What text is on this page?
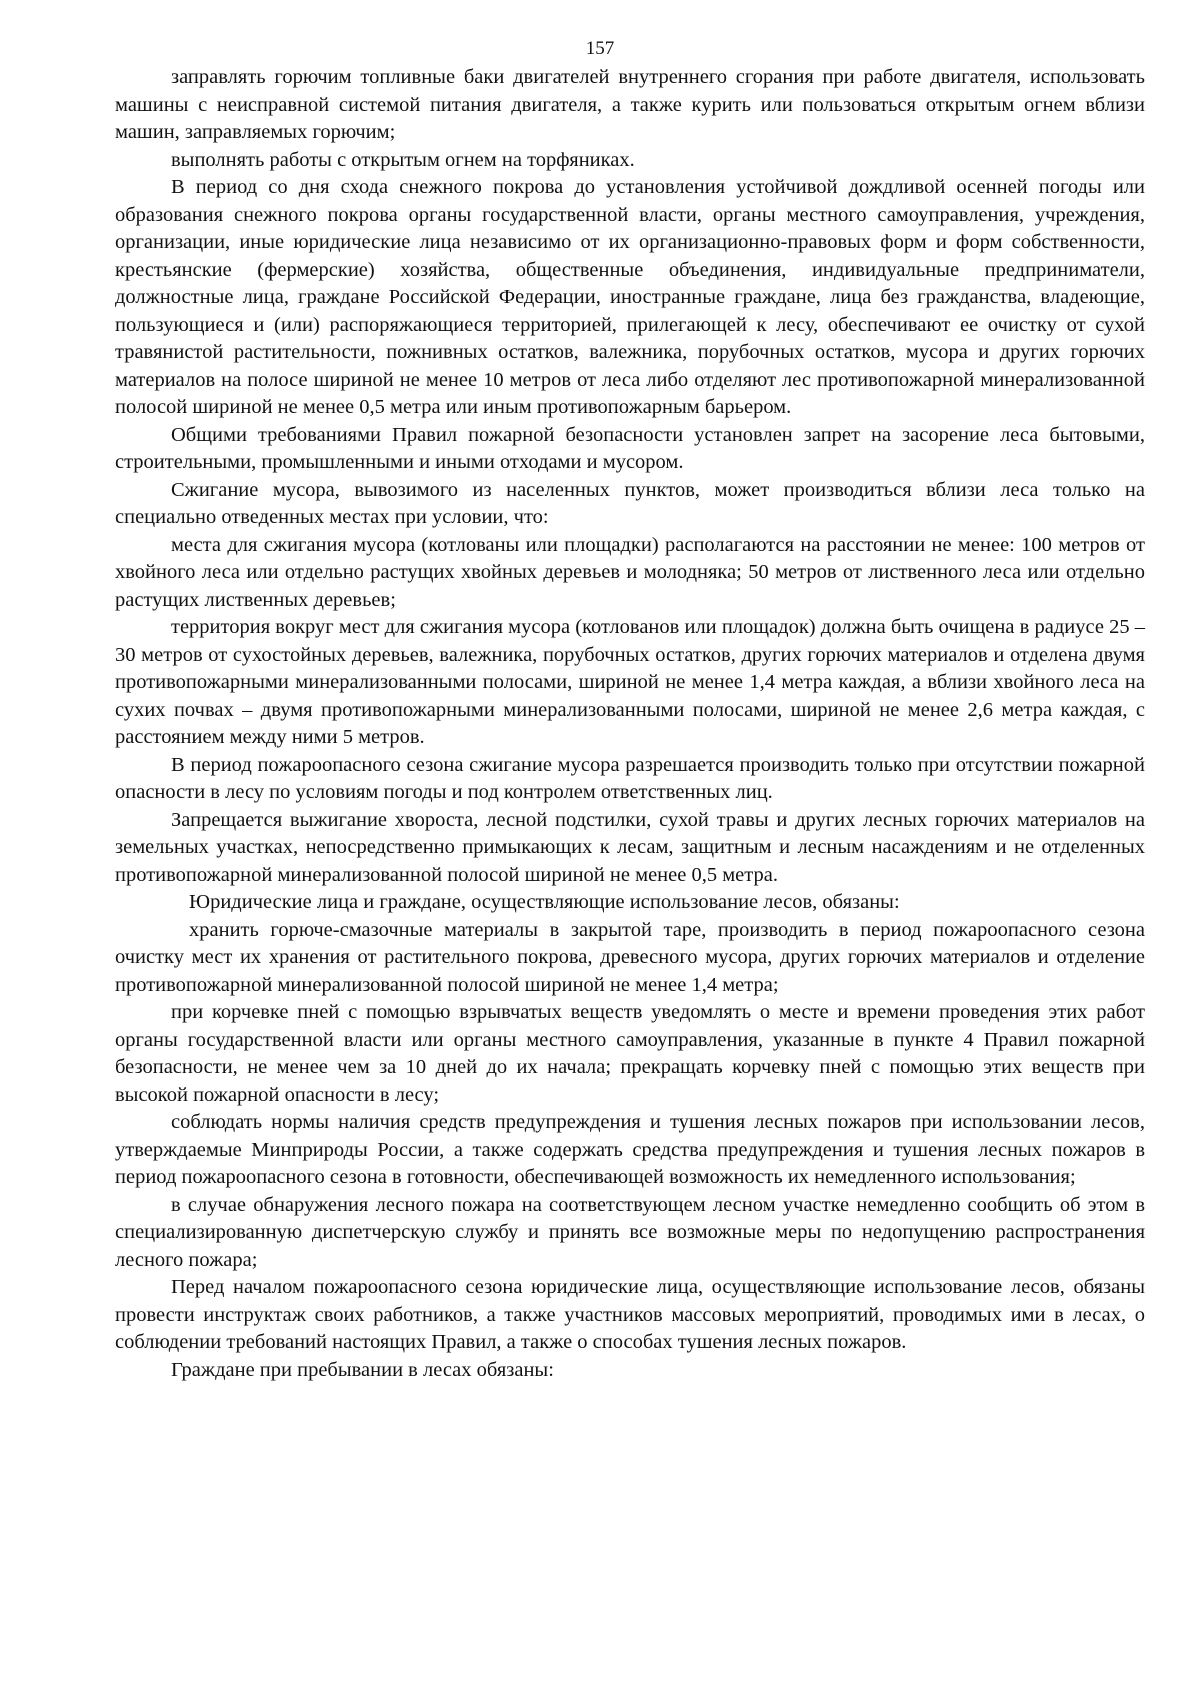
157

заправлять горючим топливные баки двигателей внутреннего сгорания при работе двигателя, использовать машины с неисправной системой питания двигателя, а также курить или пользоваться открытым огнем вблизи машин, заправляемых горючим;

выполнять работы с открытым огнем на торфяниках.

В период со дня схода снежного покрова до установления устойчивой дождливой осенней погоды или образования снежного покрова органы государственной власти, органы местного самоуправления, учреждения, организации, иные юридические лица независимо от их организационно-правовых форм и форм собственности, крестьянские (фермерские) хозяйства, общественные объединения, индивидуальные предприниматели, должностные лица, граждане Российской Федерации, иностранные граждане, лица без гражданства, владеющие, пользующиеся и (или) распоряжающиеся территорией, прилегающей к лесу, обеспечивают ее очистку от сухой травянистой растительности, пожнивных остатков, валежника, порубочных остатков, мусора и других горючих материалов на полосе шириной не менее 10 метров от леса либо отделяют лес противопожарной минерализованной полосой шириной не менее 0,5 метра или иным противопожарным барьером.

Общими требованиями Правил пожарной безопасности установлен запрет на засорение леса бытовыми, строительными, промышленными и иными отходами и мусором.

Сжигание мусора, вывозимого из населенных пунктов, может производиться вблизи леса только на специально отведенных местах при условии, что:

места для сжигания мусора (котлованы или площадки) располагаются на расстоянии не менее: 100 метров от хвойного леса или отдельно растущих хвойных деревьев и молодняка; 50 метров от лиственного леса или отдельно растущих лиственных деревьев;

территория вокруг мест для сжигания мусора (котлованов или площадок) должна быть очищена в радиусе 25 – 30 метров от сухостойных деревьев, валежника, порубочных остатков, других горючих материалов и отделена двумя противопожарными минерализованными полосами, шириной не менее 1,4 метра каждая, а вблизи хвойного леса на сухих почвах – двумя противопожарными минерализованными полосами, шириной не менее 2,6 метра каждая, с расстоянием между ними 5 метров.

В период пожароопасного сезона сжигание мусора разрешается производить только при отсутствии пожарной опасности в лесу по условиям погоды и под контролем ответственных лиц.

Запрещается выжигание хвороста, лесной подстилки, сухой травы и других лесных горючих материалов на земельных участках, непосредственно примыкающих к лесам, защитным и лесным насаждениям и не отделенных противопожарной минерализованной полосой шириной не менее 0,5 метра.

Юридические лица и граждане, осуществляющие использование лесов, обязаны:

хранить горюче-смазочные материалы в закрытой таре, производить в период пожароопасного сезона очистку мест их хранения от растительного покрова, древесного мусора, других горючих материалов и отделение противопожарной минерализованной полосой шириной не менее 1,4 метра;

при корчевке пней с помощью взрывчатых веществ уведомлять о месте и времени проведения этих работ органы государственной власти или органы местного самоуправления, указанные в пункте 4 Правил пожарной безопасности, не менее чем за 10 дней до их начала; прекращать корчевку пней с помощью этих веществ при высокой пожарной опасности в лесу;

соблюдать нормы наличия средств предупреждения и тушения лесных пожаров при использовании лесов, утверждаемые Минприроды России, а также содержать средства предупреждения и тушения лесных пожаров в период пожароопасного сезона в готовности, обеспечивающей возможность их немедленного использования;

в случае обнаружения лесного пожара на соответствующем лесном участке немедленно сообщить об этом в специализированную диспетчерскую службу и принять все возможные меры по недопущению распространения лесного пожара;

Перед началом пожароопасного сезона юридические лица, осуществляющие использование лесов, обязаны провести инструктаж своих работников, а также участников массовых мероприятий, проводимых ими в лесах, о соблюдении требований настоящих Правил, а также о способах тушения лесных пожаров.

Граждане при пребывании в лесах обязаны:
